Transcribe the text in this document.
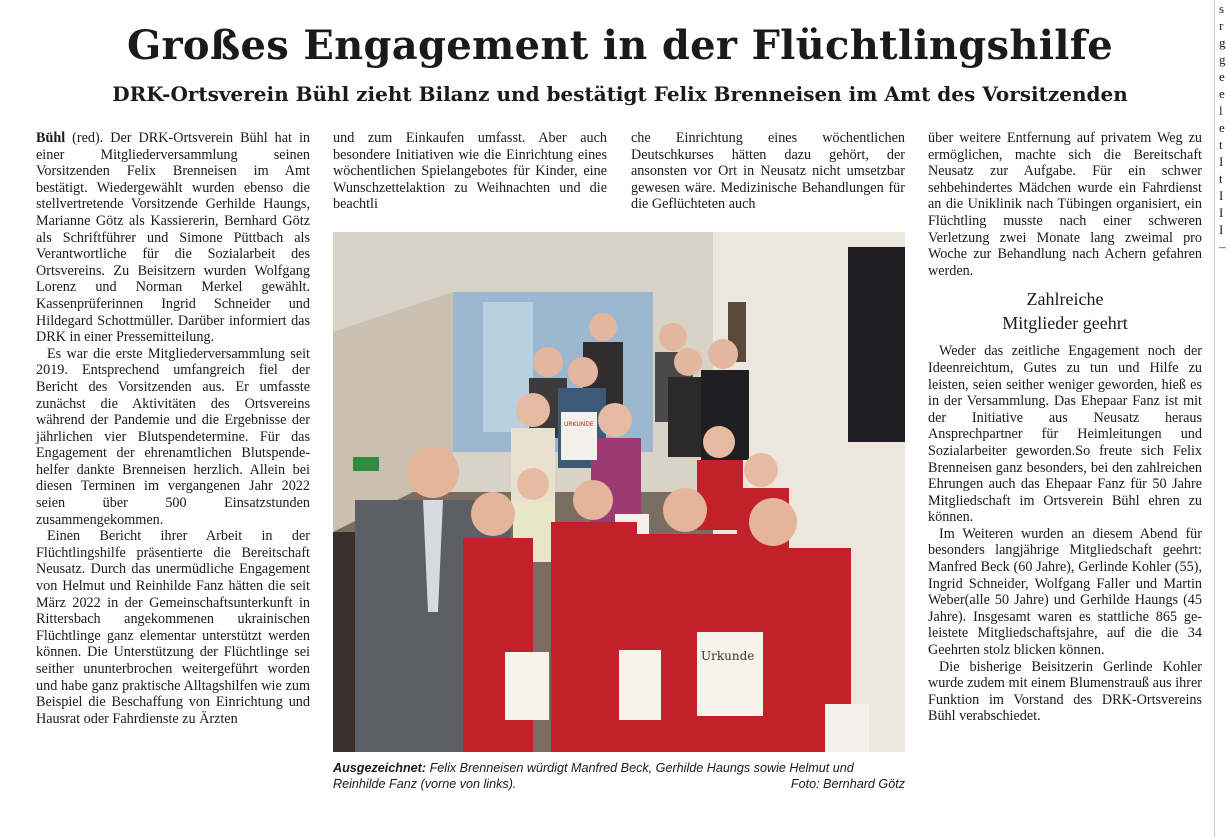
Großes Engagement in der Flüchtlingshilfe
DRK-Ortsverein Bühl zieht Bilanz und bestätigt Felix Brenneisen im Amt des Vorsitzenden

Bühl (red). Der DRK-Ortsverein Bühl hat in einer Mitgliederversammlung seinen Vorsitzenden Felix Brenneisen im Amt bestätigt. Wiedergewählt wurden ebenso die stellvertretende Vorsitzende Gerhilde Haungs, Marianne Götz als Kassiererin, Bernhard Götz als Schriftführer und Simone Püttbach als Verantwortliche für die Sozialarbeit des Ortsvereins. Zu Beisitzern wurden Wolfgang Lorenz und Norman Merkel gewählt. Kassenprüferinnen Ingrid Schneider und Hildegard Schottmüller. Darüber informiert das DRK in einer Pressemitteilung.

Es war die erste Mitgliederversammlung seit 2019. Entsprechend umfangreich fiel der Bericht des Vorsitzenden aus. Er umfasste zunächst die Aktivitäten des Ortsvereins während der Pandemie und die Ergebnisse der jährlichen vier Blutspendetermine. Für das Engagement der ehrenamtlichen Blutspendehelfer dankte Brenneisen herzlich. Allein bei diesen Terminen im vergangenen Jahr 2022 seien über 500 Einsatzstunden zusammengekommen.

Einen Bericht ihrer Arbeit in der Flüchtlingshilfe präsentierte die Bereitschaft Neusatz. Durch das unermüdliche Engagement von Helmut und Reinhilde Fanz hätten die seit März 2022 in der Gemeinschaftsunterkunft in Rittersbach angekommenen ukrainischen Flüchtlinge ganz elementar unterstützt werden können. Die Unterstützung der Flüchtlinge sei seither ununterbrochen weitergeführt worden und habe ganz praktische Alltagshilfen wie zum Beispiel die Beschaffung von Einrichtung und Hausrat oder Fahrdienste zu Ärzten

und zum Einkaufen umfasst. Aber auch besondere Initiativen wie die Einrichtung eines wöchentlichen Spielangebotes für Kinder, eine Wunschzettelaktion zu Weihnachten und die beachtli

che Einrichtung eines wöchentlichen Deutschkurses hätten dazu gehört, der ansonsten vor Ort in Neusatz nicht umsetzbar gewesen wäre. Medizinische Behandlungen für die Geflüchteten auch

über weitere Entfernung auf privatem Weg zu ermöglichen, machte sich die Bereitschaft Neusatz zur Aufgabe. Für ein schwer sehbehindertes Mädchen wurde ein Fahrdienst an die Uniklinik nach Tübingen organisiert, ein Flüchtling musste nach einer schweren Verletzung zwei Monate lang zweimal pro Woche zur Behandlung nach Achern gefahren werden.

Zahlreiche
Mitglieder geehrt

Weder das zeitliche Engagement noch der Ideenreichtum, Gutes zu tun und Hilfe zu leisten, seien seither weniger geworden, hieß es in der Versammlung. Das Ehepaar Fanz ist mit der Initiative aus Neusatz heraus Ansprechpartner für Heimleitungen und Sozialarbeiter geworden.So freute sich Felix Brenneisen ganz besonders, bei den zahlreichen Ehrungen auch das Ehepaar Fanz für 50 Jahre Mitgliedschaft im Ortsverein Bühl ehren zu können.

Im Weiteren wurden an diesem Abend für besonders langjährige Mitgliedschaft geehrt: Manfred Beck (60 Jahre), Gerlinde Kohler (55), Ingrid Schneider, Wolfgang Faller und Martin Weber(alle 50 Jahre) und Gerhilde Haungs (45 Jahre). Insgesamt waren es stattliche 865 geleistete Mitgliedschaftsjahre, auf die die 34 Geehrten stolz blicken können.

Die bisherige Beisitzerin Gerlinde Kohler wurde zudem mit einem Blumenstrauß aus ihrer Funktion im Vorstand des DRK-Ortsvereins Bühl verabschiedet.

Urkunde
URKUNDE
Ausgezeichnet: Felix Brenneisen würdigt Manfred Beck, Gerhilde Haungs sowie Helmut und Reinhilde Fanz (vorne von links).	Foto: Bernhard Götz
s
r
g
g
e
e
l
e
t
I
t
I
I
I
–
